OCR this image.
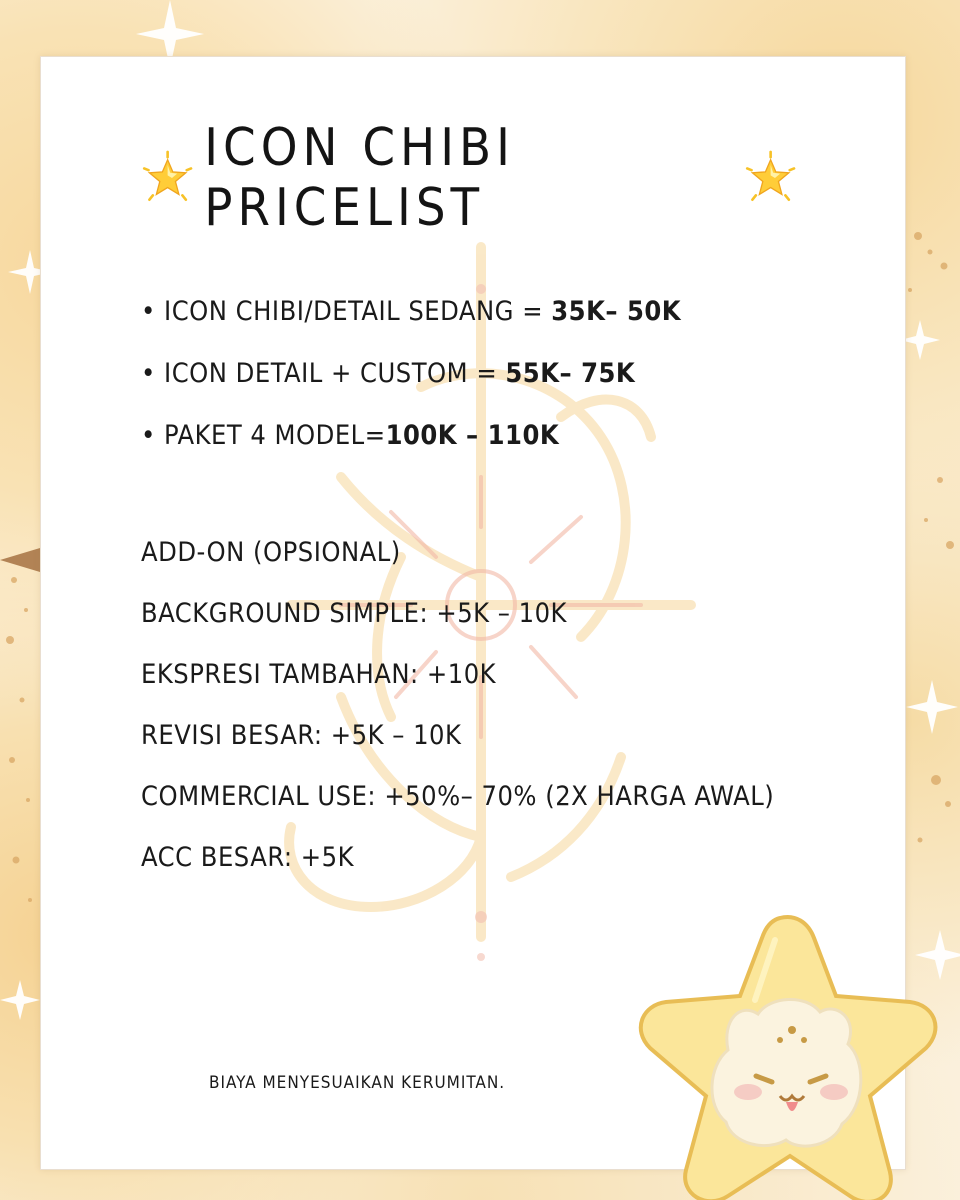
ICON CHIBI PRICELIST
• ICON CHIBI/DETAIL SEDANG = 35K– 50K
• ICON DETAIL + CUSTOM = 55K– 75K
• PAKET 4 MODEL=100K – 110K
ADD-ON (OPSIONAL)
BACKGROUND SIMPLE: +5K – 10K
EKSPRESI TAMBAHAN: +10K
REVISI BESAR: +5K – 10K
COMMERCIAL USE: +50%– 70% (2X HARGA AWAL)
ACC BESAR: +5K
BIAYA MENYESUAIKAN KERUMITAN.
